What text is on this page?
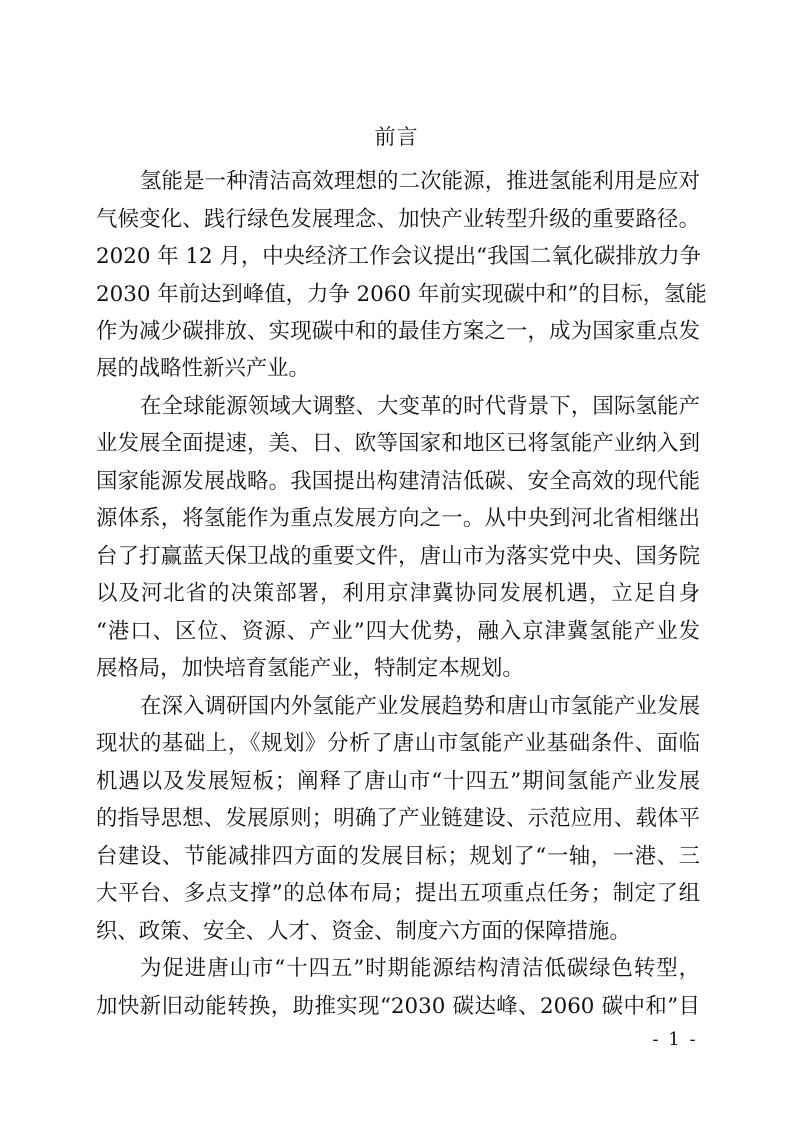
前言
氢能是一种清洁高效理想的二次能源，推进氢能利用是应对
气候变化、践行绿色发展理念、加快产业转型升级的重要路径。
2020 年 12 月，中央经济工作会议提出“我国二氧化碳排放力争
2030 年前达到峰值，力争 2060 年前实现碳中和”的目标，氢能
作为减少碳排放、实现碳中和的最佳方案之一，成为国家重点发
展的战略性新兴产业。
在全球能源领域大调整、大变革的时代背景下，国际氢能产
业发展全面提速，美、日、欧等国家和地区已将氢能产业纳入到
国家能源发展战略。我国提出构建清洁低碳、安全高效的现代能
源体系，将氢能作为重点发展方向之一。从中央到河北省相继出
台了打赢蓝天保卫战的重要文件，唐山市为落实党中央、国务院
以及河北省的决策部署，利用京津冀协同发展机遇，立足自身
“港口、区位、资源、产业”四大优势，融入京津冀氢能产业发
展格局，加快培育氢能产业，特制定本规划。
在深入调研国内外氢能产业发展趋势和唐山市氢能产业发展
现状的基础上，《规划》分析了唐山市氢能产业基础条件、面临
机遇以及发展短板；阐释了唐山市“十四五”期间氢能产业发展
的指导思想、发展原则；明确了产业链建设、示范应用、载体平
台建设、节能减排四方面的发展目标；规划了“一轴，一港、三
大平台、多点支撑”的总体布局；提出五项重点任务；制定了组
织、政策、安全、人才、资金、制度六方面的保障措施。
为促进唐山市“十四五”时期能源结构清洁低碳绿色转型，
加快新旧动能转换，助推实现“2030 碳达峰、2060 碳中和”目
- 1 -
